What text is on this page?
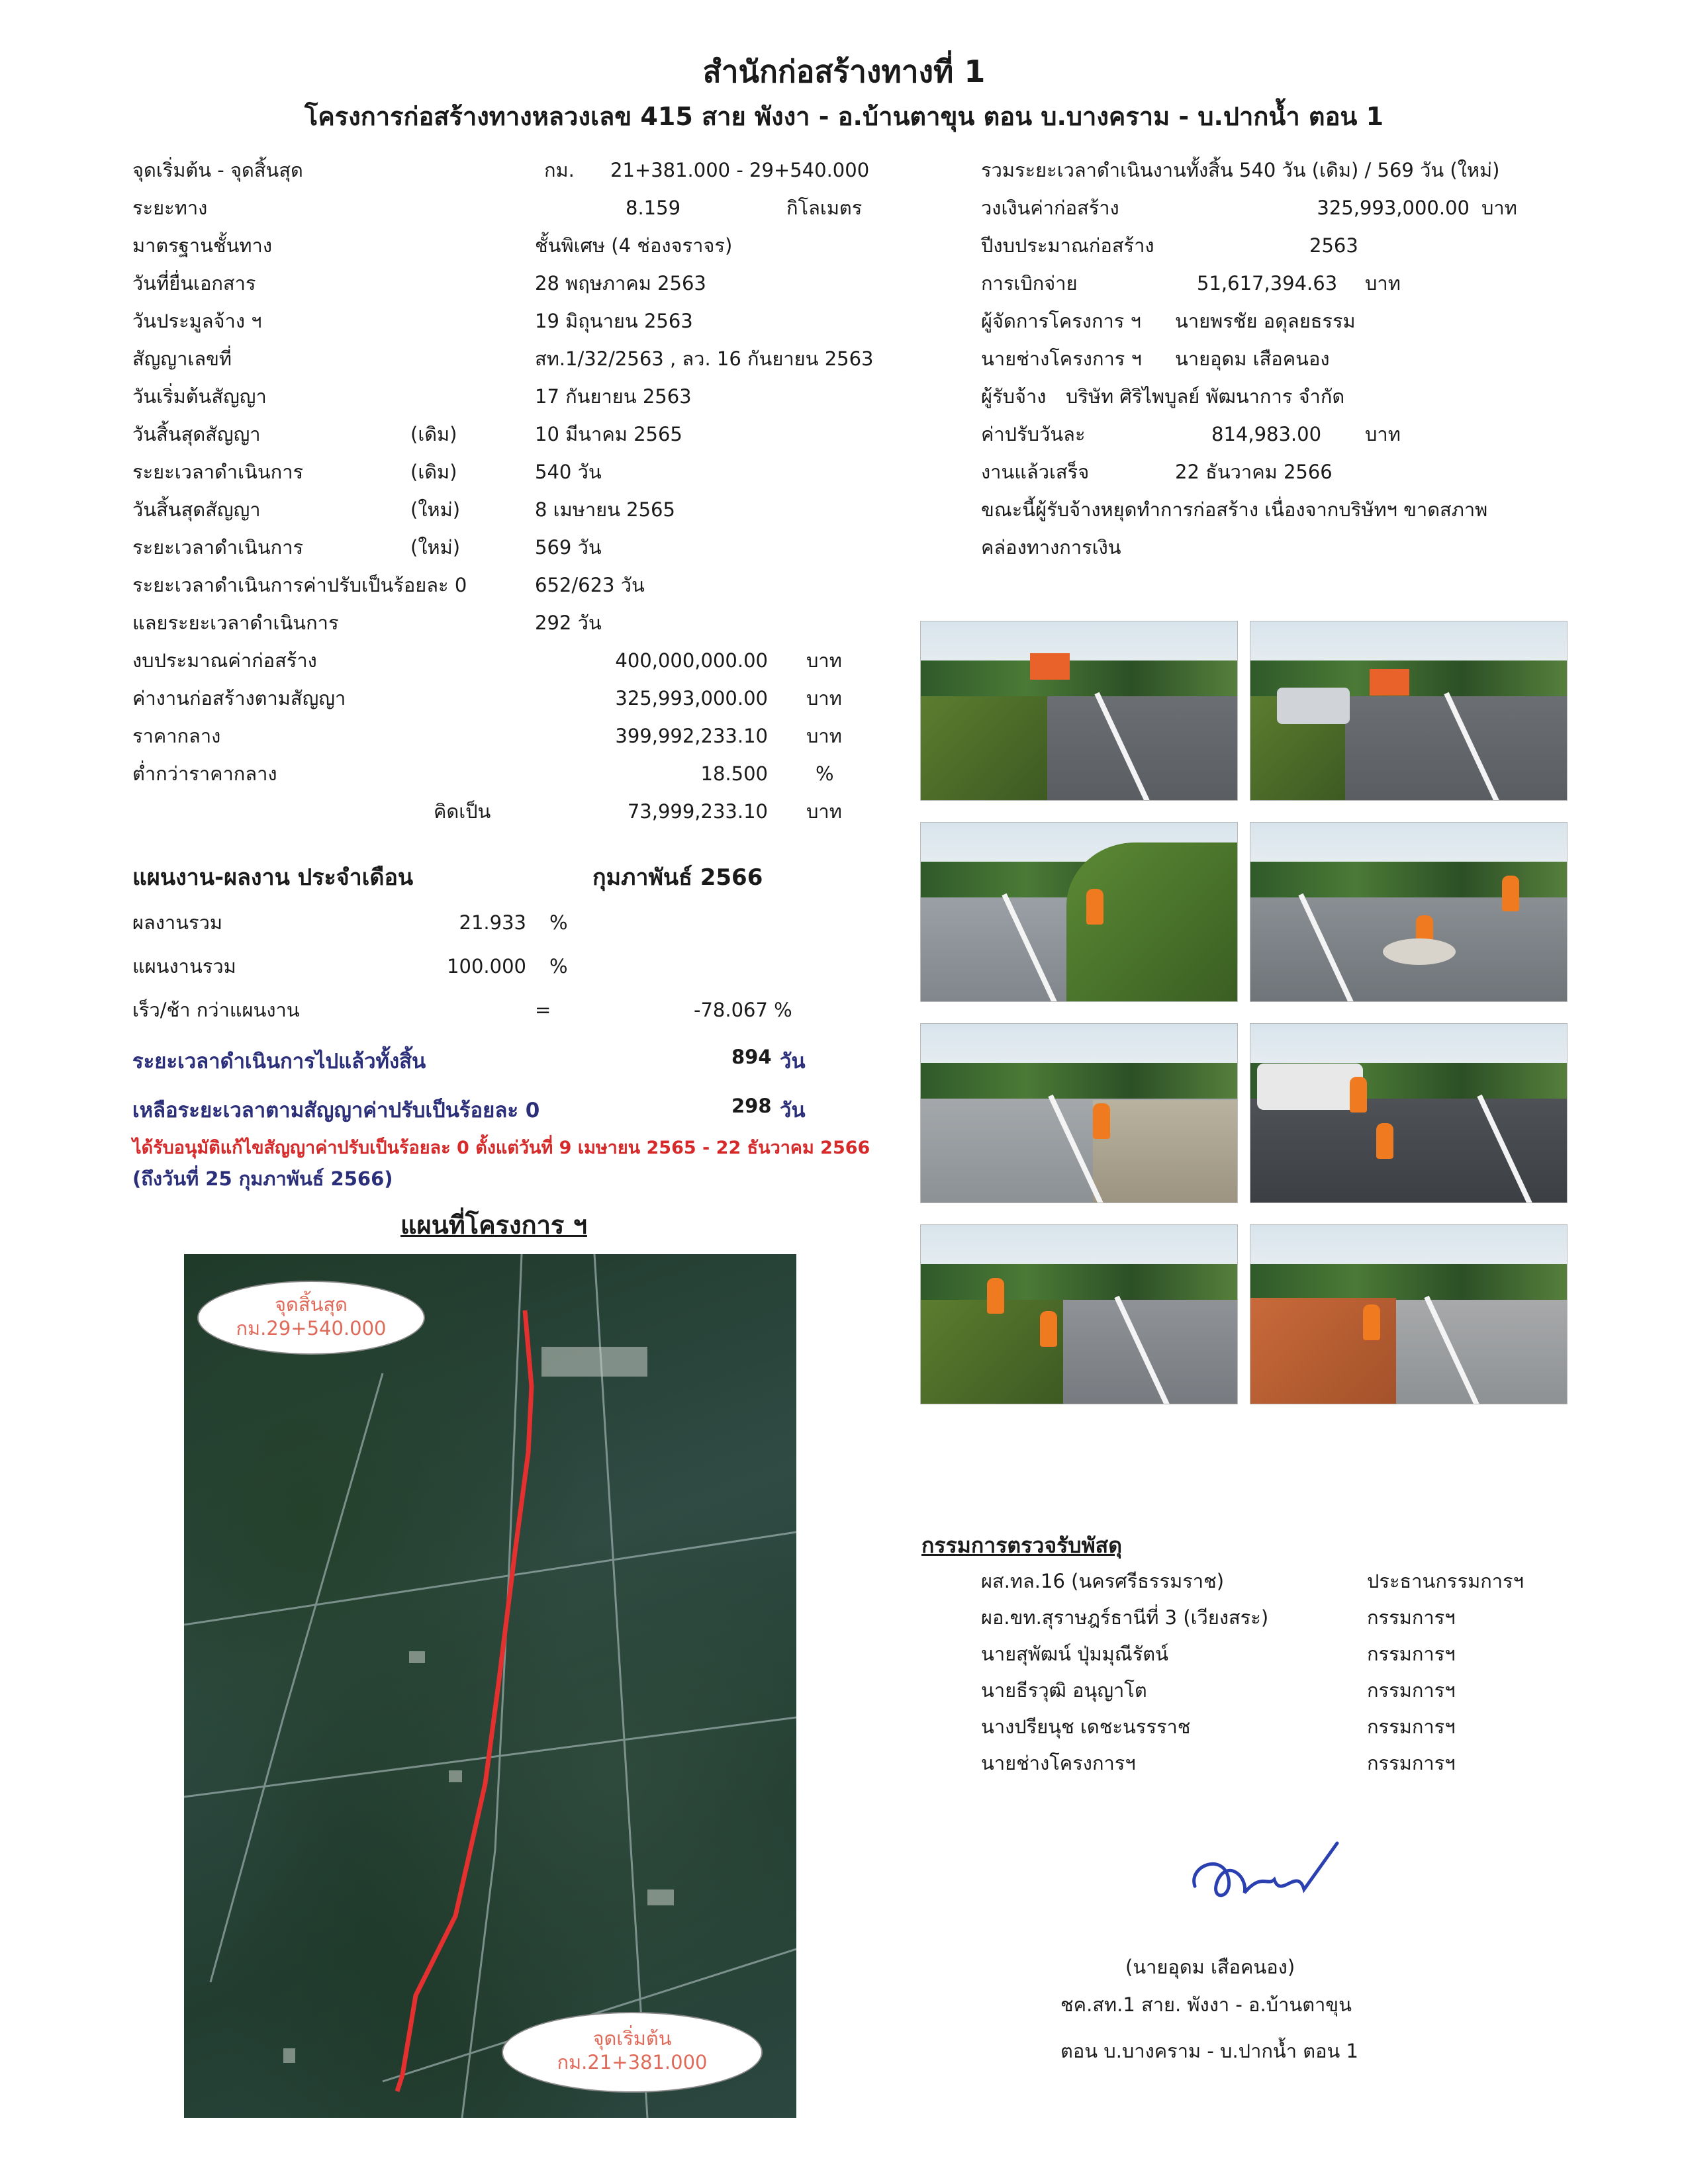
สำนักก่อสร้างทางที่ 1
โครงการก่อสร้างทางหลวงเลข 415 สาย พังงา - อ.บ้านตาขุน ตอน บ.บางคราม - บ.ปากน้ำ ตอน 1
จุดเริ่มต้น - จุดสิ้นสุด	กม. 21+381.000 - 29+540.000
ระยะทาง	8.159	กิโลเมตร
มาตรฐานชั้นทาง	ชั้นพิเศษ (4 ช่องจราจร)
วันที่ยื่นเอกสาร	28 พฤษภาคม 2563
วันประมูลจ้าง ฯ	19 มิถุนายน 2563
สัญญาเลขที่	สท.1/32/2563 , ลว. 16 กันยายน 2563
วันเริ่มต้นสัญญา	17 กันยายน 2563
วันสิ้นสุดสัญญา	(เดิม)	10 มีนาคม 2565
ระยะเวลาดำเนินการ	(เดิม)	540 วัน
วันสิ้นสุดสัญญา	(ใหม่)	8 เมษายน 2565
ระยะเวลาดำเนินการ	(ใหม่)	569 วัน
ระยะเวลาดำเนินการค่าปรับเป็นร้อยละ 0	652/623 วัน
แลยระยะเวลาดำเนินการ	292 วัน
งบประมาณค่าก่อสร้าง	400,000,000.00 บาท
ค่างานก่อสร้างตามสัญญา	325,993,000.00 บาท
ราคากลาง	399,992,233.10 บาท
ต่ำกว่าราคากลาง	18.500 %
คิดเป็น	73,999,233.10 บาท
รวมระยะเวลาดำเนินงานทั้งสิ้น 540 วัน (เดิม) / 569 วัน (ใหม่)
วงเงินค่าก่อสร้าง	325,993,000.00 บาท
ปีงบประมาณก่อสร้าง	2563
การเบิกจ่าย	51,617,394.63 บาท
ผู้จัดการโครงการ ฯ นายพรชัย อดุลยธรรม
นายช่างโครงการ ฯ นายอุดม เสือคนอง
ผู้รับจ้าง บริษัท ศิริไพบูลย์ พัฒนาการ จำกัด
ค่าปรับวันละ	814,983.00 บาท
งานแล้วเสร็จ	22 ธันวาคม 2566
ขณะนี้ผู้รับจ้างหยุดทำการก่อสร้าง เนื่องจากบริษัทฯ ขาดสภาพ
คล่องทางการเงิน
แผนงาน-ผลงาน ประจำเดือน	กุมภาพันธ์ 2566
ผลงานรวม	21.933 %
แผนงานรวม	100.000 %
เร็ว/ช้า กว่าแผนงาน	=	-78.067 %
ระยะเวลาดำเนินการไปแล้วทั้งสิ้น	894 วัน
เหลือระยะเวลาตามสัญญาค่าปรับเป็นร้อยละ 0	298 วัน
ได้รับอนุมัติแก้ไขสัญญาค่าปรับเป็นร้อยละ 0 ตั้งแต่วันที่ 9 เมษายน 2565 - 22 ธันวาคม 2566
(ถึงวันที่ 25 กุมภาพันธ์ 2566)
แผนที่โครงการ ฯ
จุดสิ้นสุด
กม.29+540.000
จุดเริ่มต้น
กม.21+381.000
กรรมการตรวจรับพัสดุ
ผส.ทล.16 (นครศรีธรรมราช)	ประธานกรรมการฯ
ผอ.ขท.สุราษฎร์ธานีที่ 3 (เวียงสระ)	กรรมการฯ
นายสุพัฒน์ ปุ่มมุณีรัตน์	กรรมการฯ
นายธีรวุฒิ อนุญาโต	กรรมการฯ
นางปรียนุช เดชะนรรราช	กรรมการฯ
นายช่างโครงการฯ	กรรมการฯ
(นายอุดม เสือคนอง)
ชค.สท.1 สาย. พังงา - อ.บ้านตาขุน
ตอน บ.บางคราม - บ.ปากน้ำ ตอน 1
